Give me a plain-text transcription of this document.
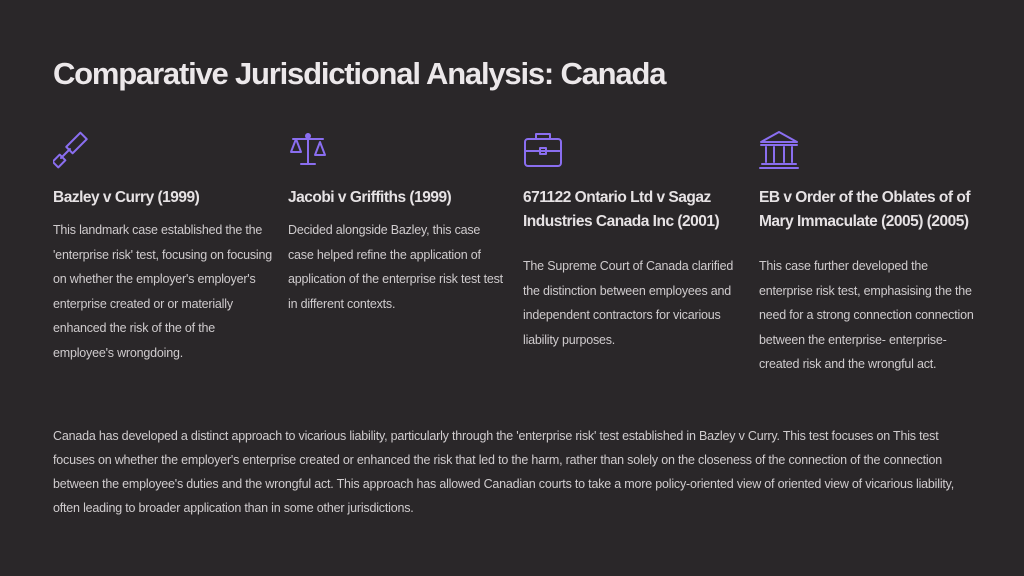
Comparative Jurisdictional Analysis: Canada
Bazley v Curry (1999)

This landmark case established the the 'enterprise risk' test, focusing on focusing on whether the employer's employer's enterprise created or or materially enhanced the risk of the of the employee's wrongdoing.

Jacobi v Griffiths (1999)

Decided alongside Bazley, this case case helped refine the application of application of the enterprise risk test test in different contexts.

671122 Ontario Ltd v Sagaz Industries Canada Inc (2001)

The Supreme Court of Canada clarified the distinction between employees and independent contractors for vicarious liability purposes.

EB v Order of the Oblates of of Mary Immaculate (2005) (2005)

This case further developed the enterprise risk test, emphasising the the need for a strong connection connection between the enterprise- enterprise-created risk and the wrongful act.

Canada has developed a distinct approach to vicarious liability, particularly through the 'enterprise risk' test established in Bazley v Curry. This test focuses on This test focuses on whether the employer's enterprise created or enhanced the risk that led to the harm, rather than solely on the closeness of the connection of the connection between the employee's duties and the wrongful act. This approach has allowed Canadian courts to take a more policy-oriented view of oriented view of vicarious liability, often leading to broader application than in some other jurisdictions.
